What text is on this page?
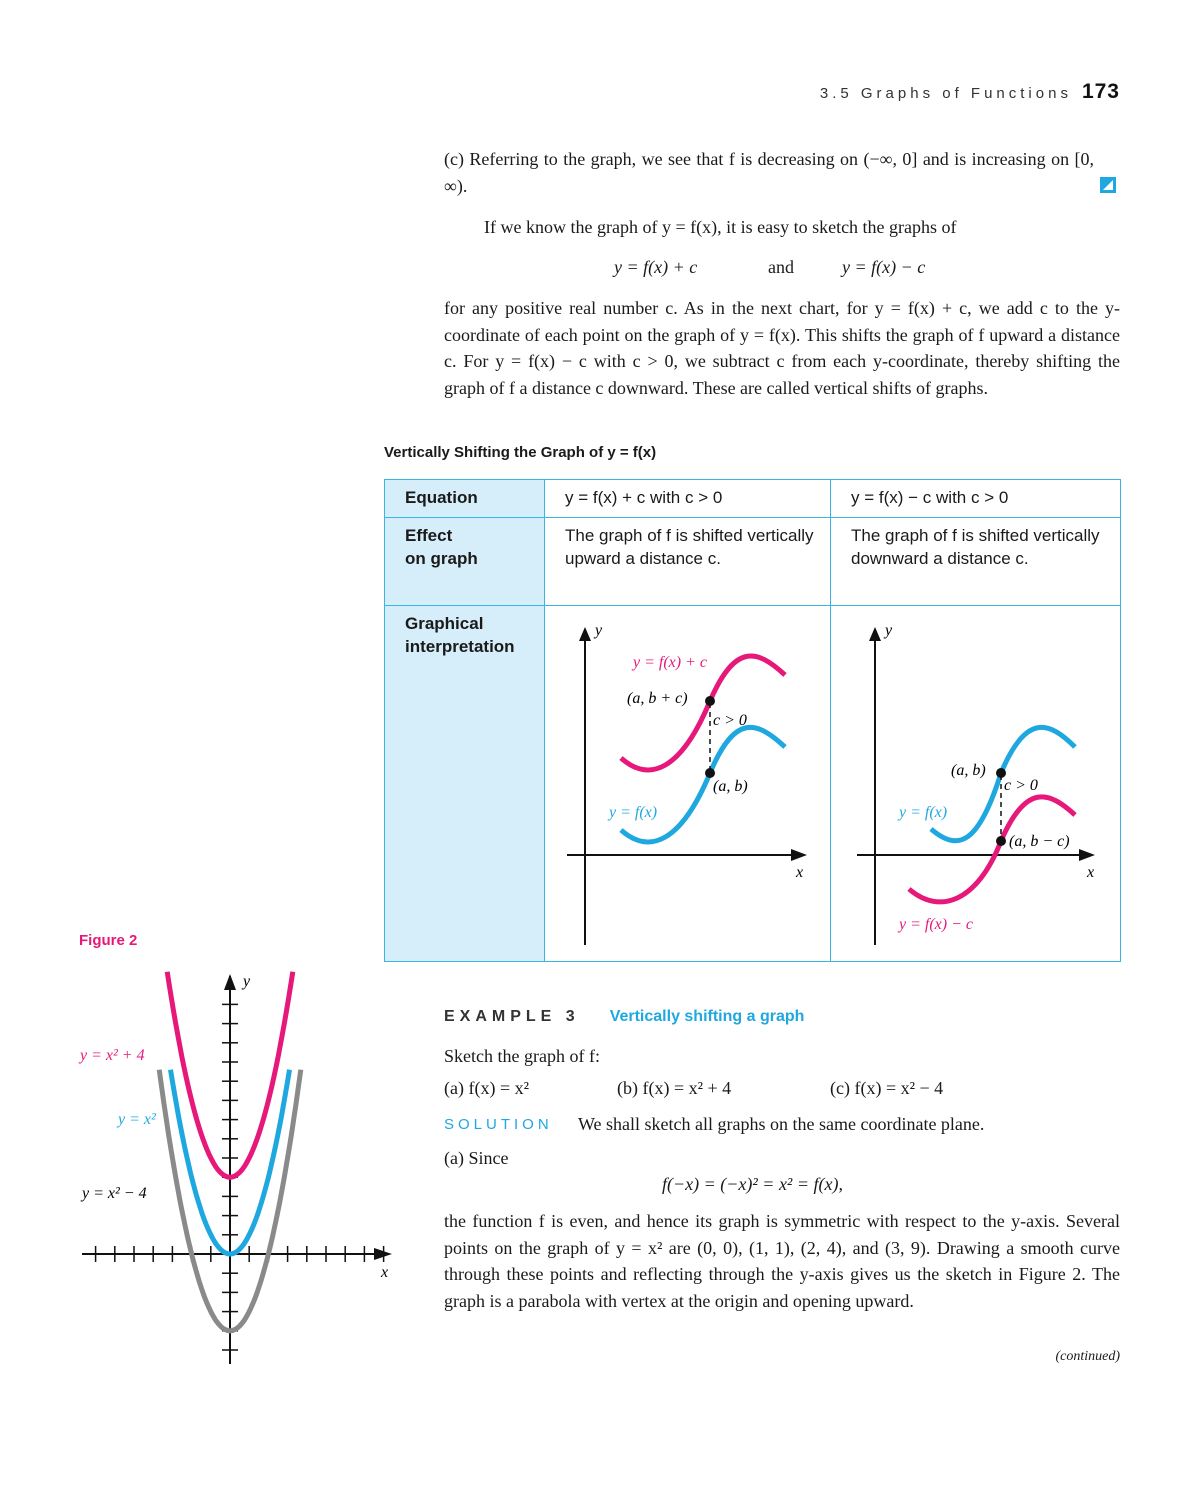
3.5 Graphs of Functions 173
(c) Referring to the graph, we see that f is decreasing on (−∞, 0] and is increasing on [0, ∞).
If we know the graph of y = f(x), it is easy to sketch the graphs of
y = f(x) + c	and	y = f(x) − c
for any positive real number c. As in the next chart, for y = f(x) + c, we add c to the y-coordinate of each point on the graph of y = f(x). This shifts the graph of f upward a distance c. For y = f(x) − c with c > 0, we subtract c from each y-coordinate, thereby shifting the graph of f a distance c downward. These are called vertical shifts of graphs.
Vertically Shifting the Graph of y = f(x)
Equation	y = f(x) + c with c > 0	y = f(x) − c with c > 0

Effect
on graph	The graph of f is shifted vertically upward a distance c.	The graph of f is shifted vertically downward a distance c.

Graphical
interpretation		

y
x
y = f(x) + c
(a, b + c)
c > 0
(a, b)
y = f(x)
y
x
(a, b)
c > 0
(a, b − c)
y = f(x)
y = f(x) − c
Figure 2
y
x
y = x² + 4
y = x²
y = x² − 4
EXAMPLE 3 Vertically shifting a graph
Sketch the graph of f:
(a) f(x) = x²	(b) f(x) = x² + 4	(c) f(x) = x² − 4
SOLUTION We shall sketch all graphs on the same coordinate plane.
(a) Since
f(−x) = (−x)² = x² = f(x),
the function f is even, and hence its graph is symmetric with respect to the y-axis. Several points on the graph of y = x² are (0, 0), (1, 1), (2, 4), and (3, 9). Drawing a smooth curve through these points and reflecting through the y-axis gives us the sketch in Figure 2. The graph is a parabola with vertex at the origin and opening upward.
(continued)
